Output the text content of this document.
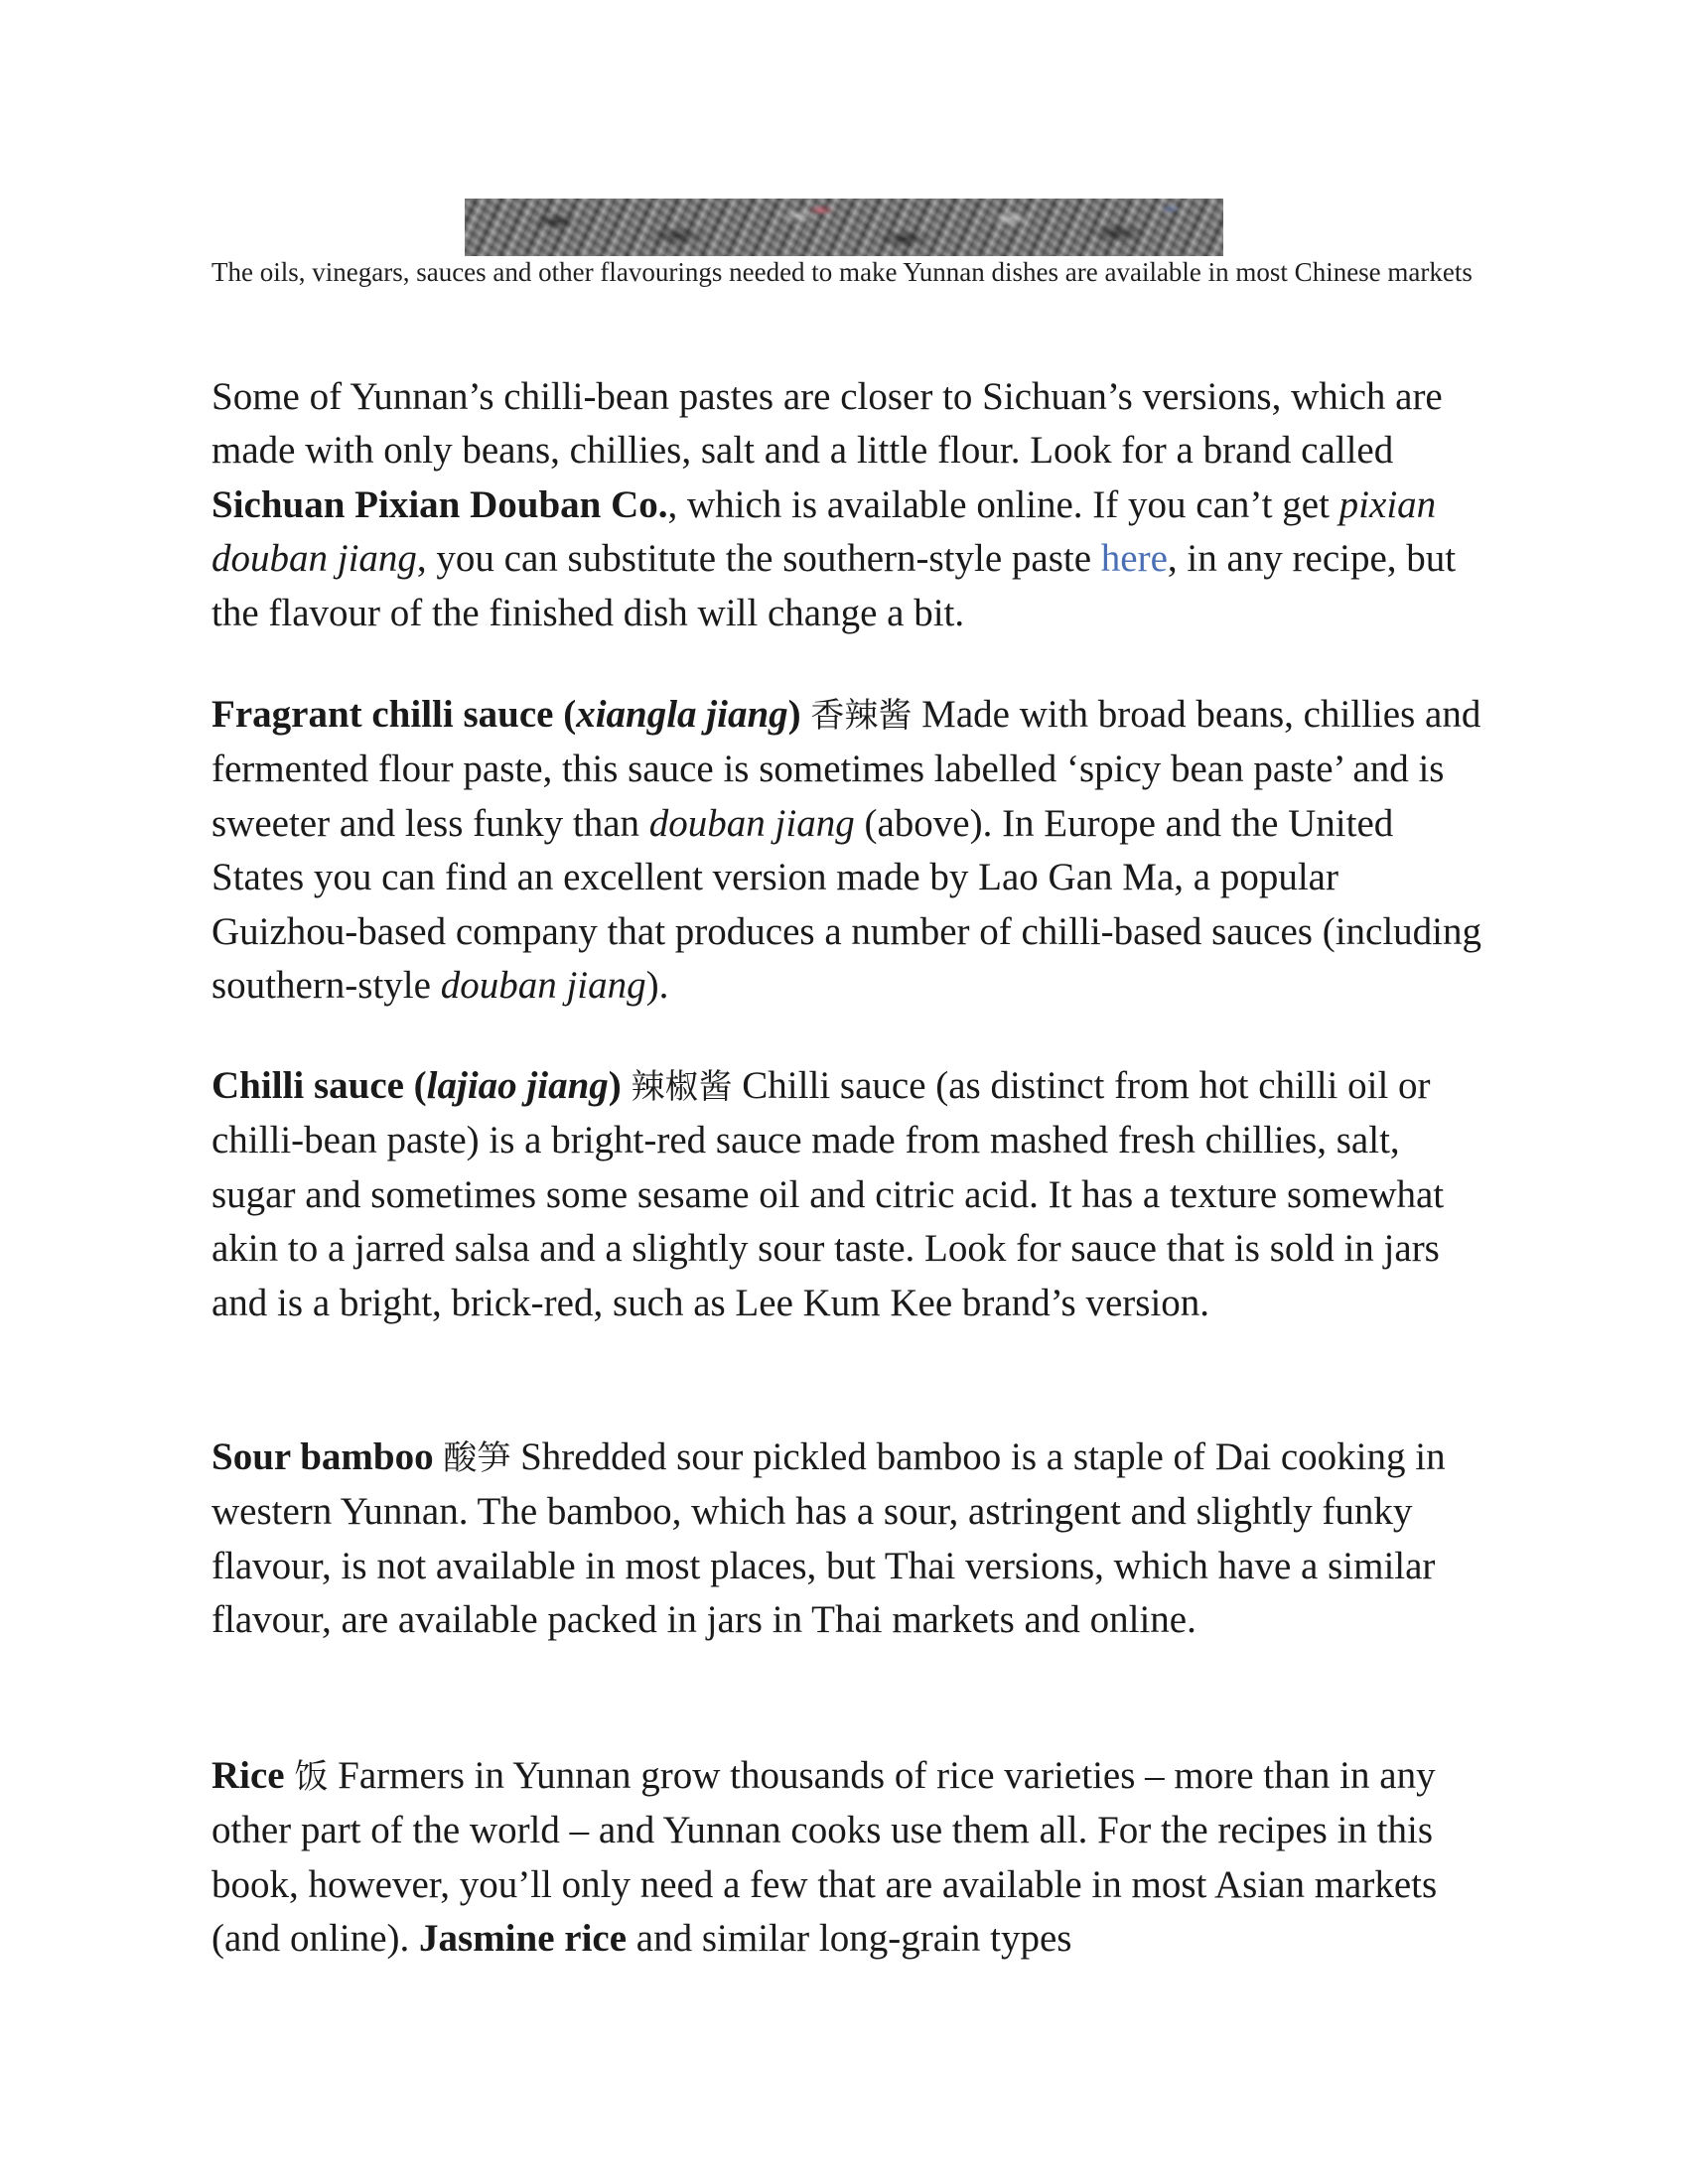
The oils, vinegars, sauces and other flavourings needed to make Yunnan dishes are available in most Chinese markets

Some of Yunnan’s chilli-bean pastes are closer to Sichuan’s versions, which are made with only beans, chillies, salt and a little flour. Look for a brand called Sichuan Pixian Douban Co., which is available online. If you can’t get pixian douban jiang, you can substitute the southern-style paste here, in any recipe, but the flavour of the finished dish will change a bit.

Fragrant chilli sauce (xiangla jiang) 香辣酱 Made with broad beans, chillies and fermented flour paste, this sauce is sometimes labelled ‘spicy bean paste’ and is sweeter and less funky than douban jiang (above). In Europe and the United States you can find an excellent version made by Lao Gan Ma, a popular Guizhou-based company that produces a number of chilli-based sauces (including southern-style douban jiang).

Chilli sauce (lajiao jiang) 辣椒酱 Chilli sauce (as distinct from hot chilli oil or chilli-bean paste) is a bright-red sauce made from mashed fresh chillies, salt, sugar and sometimes some sesame oil and citric acid. It has a texture somewhat akin to a jarred salsa and a slightly sour taste. Look for sauce that is sold in jars and is a bright, brick-red, such as Lee Kum Kee brand’s version.

Sour bamboo 酸笋 Shredded sour pickled bamboo is a staple of Dai cooking in western Yunnan. The bamboo, which has a sour, astringent and slightly funky flavour, is not available in most places, but Thai versions, which have a similar flavour, are available packed in jars in Thai markets and online.

Rice 饭 Farmers in Yunnan grow thousands of rice varieties – more than in any other part of the world – and Yunnan cooks use them all. For the recipes in this book, however, you’ll only need a few that are available in most Asian markets (and online). Jasmine rice and similar long-grain types
